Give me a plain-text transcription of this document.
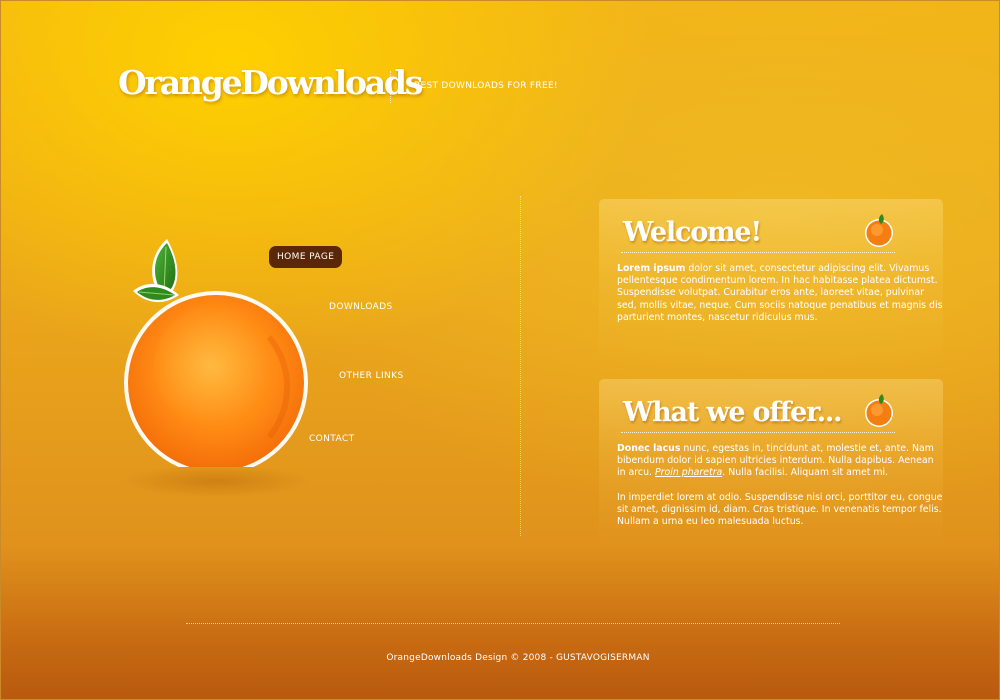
OrangeDownloads
BEST DOWNLOADS FOR FREE!
HOME PAGE
DOWNLOADS
OTHER LINKS
CONTACT
Welcome!

Lorem ipsum dolor sit amet, consectetur adipiscing elit. Vivamus pellentesque condimentum lorem. In hac habitasse platea dictumst. Suspendisse volutpat. Curabitur eros ante, laoreet vitae, pulvinar sed, mollis vitae, neque. Cum sociis natoque penatibus et magnis dis parturient montes, nascetur ridiculus mus.

What we offer...

Donec lacus nunc, egestas in, tincidunt at, molestie et, ante. Nam bibendum dolor id sapien ultricies interdum. Nulla dapibus. Aenean in arcu. Proin pharetra. Nulla facilisi. Aliquam sit amet mi.

In imperdiet lorem at odio. Suspendisse nisi orci, porttitor eu, congue sit amet, dignissim id, diam. Cras tristique. In venenatis tempor felis. Nullam a urna eu leo malesuada luctus.

OrangeDownloads Design © 2008 - GUSTAVOGISERMAN
